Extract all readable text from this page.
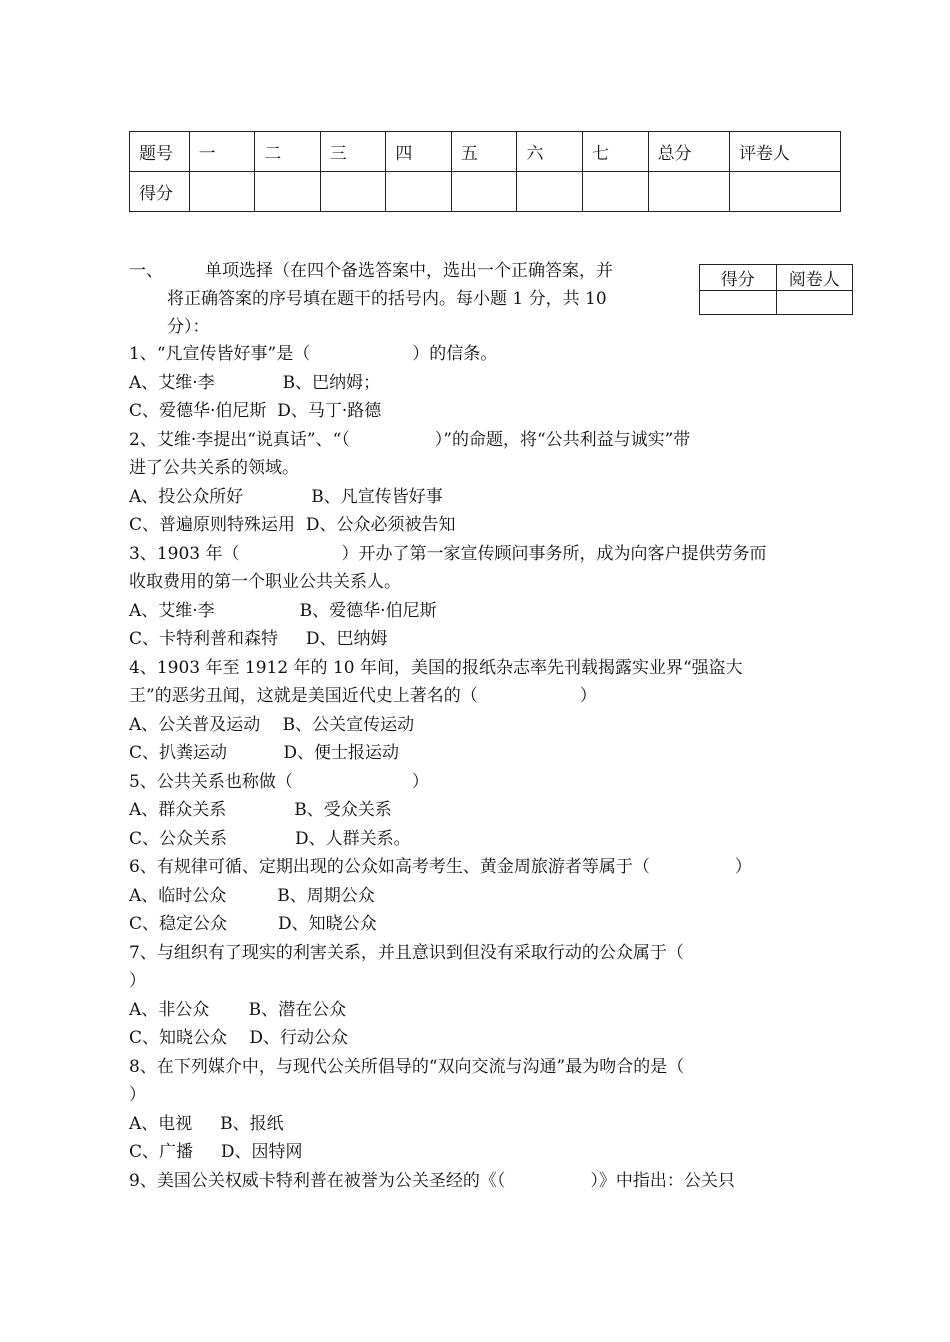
题号	一	二	三	四	五	六	七	总分	评卷人
得分									
得分	阅卷人

一、 单项选择（在四个备选答案中，选出一个正确答案，并
将正确答案的序号填在题干的括号内。每小题 1 分，共 10
分）：
1、“凡宣传皆好事”是（　　　　　　）的信条。
A、艾维·李　　　　B、巴纳姆；
C、爱德华·伯尼斯  D、马丁·路德
2、艾维·李提出“说真话”、“（　　　　　）”的命题，将“公共利益与诚实”带
进了公共关系的领域。
A、投公众所好　　　　B、凡宣传皆好事
C、普遍原则特殊运用  D、公众必须被告知
3、1903 年（　　　　　　）开办了第一家宣传顾问事务所，成为向客户提供劳务而
收取费用的第一个职业公共关系人。
A、艾维·李　　　　　B、爱德华·伯尼斯
C、卡特利普和森特　  D、巴纳姆
4、1903 年至 1912 年的 10 年间，美国的报纸杂志率先刊载揭露实业界“强盗大
王”的恶劣丑闻，这就是美国近代史上著名的（　　　　　　）
A、公关普及运动　 B、公关宣传运动
C、扒粪运动　　　 D、便士报运动
5、公共关系也称做（　　　　　　　）
A、群众关系　　　　B、受众关系
C、公众关系　　　　D、人群关系。
6、有规律可循、定期出现的公众如高考考生、黄金周旅游者等属于（　　　　　）
A、临时公众　　　B、周期公众
C、稳定公众　　　D、知晓公众
7、与组织有了现实的利害关系，并且意识到但没有采取行动的公众属于（
）
A、非公众　　 B、潜在公众
C、知晓公众　 D、行动公众
8、在下列媒介中，与现代公关所倡导的“双向交流与沟通”最为吻合的是（
）
A、电视　  B、报纸
C、广播　  D、因特网
9、美国公关权威卡特利普在被誉为公关圣经的《（　　　　　）》中指出：公关只
